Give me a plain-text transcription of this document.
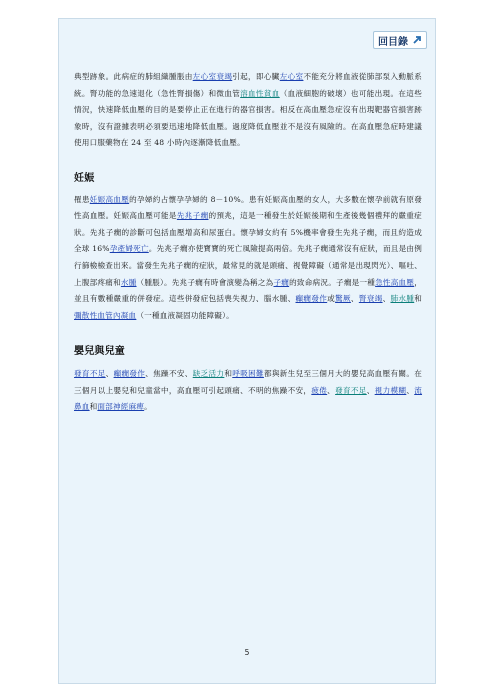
回目錄

典型跡象。此病症的肺組織腫脹由左心室衰竭引起，即心臟左心室不能充分將血液從肺部泵入動脈系統。腎功能的急速退化（急性腎損傷）和微血管溶血性貧血（血液細胞的破壞）也可能出現。在這些情況，快速降低血壓的目的是要停止正在進行的器官損害。相反在高血壓急症沒有出現靶器官損害跡象時，沒有證據表明必須要迅速地降低血壓。過度降低血壓並不是沒有風險的。在高血壓急症時建議使用口服藥物在 24 至 48 小時內逐漸降低血壓。

妊娠

罹患妊娠高血壓的孕婦約占懷孕孕婦的 8－10%。患有妊娠高血壓的女人，大多數在懷孕前就有原發性高血壓。妊娠高血壓可能是先兆子癇的預兆，這是一種發生於妊娠後期和生產後幾個禮拜的嚴重症狀。先兆子癇的診斷可包括血壓增高和尿蛋白。懷孕婦女約有 5%機率會發生先兆子癇，而且約造成全球 16%孕產婦死亡。先兆子癇亦使寶寶的死亡風險提高兩倍。先兆子癇通常沒有症狀，而且是由例行篩檢檢查出來。當發生先兆子癇的症狀，最常見的就是頭痛、視覺障礙（通常是出現閃光）、嘔吐、上腹部疼痛和水腫（腫脹）。先兆子癇有時會演變為稱之為子癇的致命病況。子癇是一種急性高血壓，並且有數種嚴重的併發症。這些併發症包括喪失視力、腦水腫、癲癇發作或驚厥、腎衰竭、肺水腫和彌散性血管內凝血（一種血液凝固功能障礙）。

嬰兒與兒童

發育不足、癲癇發作、焦躁不安、缺乏活力和呼吸困難都與新生兒至三個月大的嬰兒高血壓有關。在三個月以上嬰兒和兒童當中，高血壓可引起頭痛、不明的焦躁不安，疲倦、發育不足、視力模糊、流鼻血和面部神經麻痺。

5
